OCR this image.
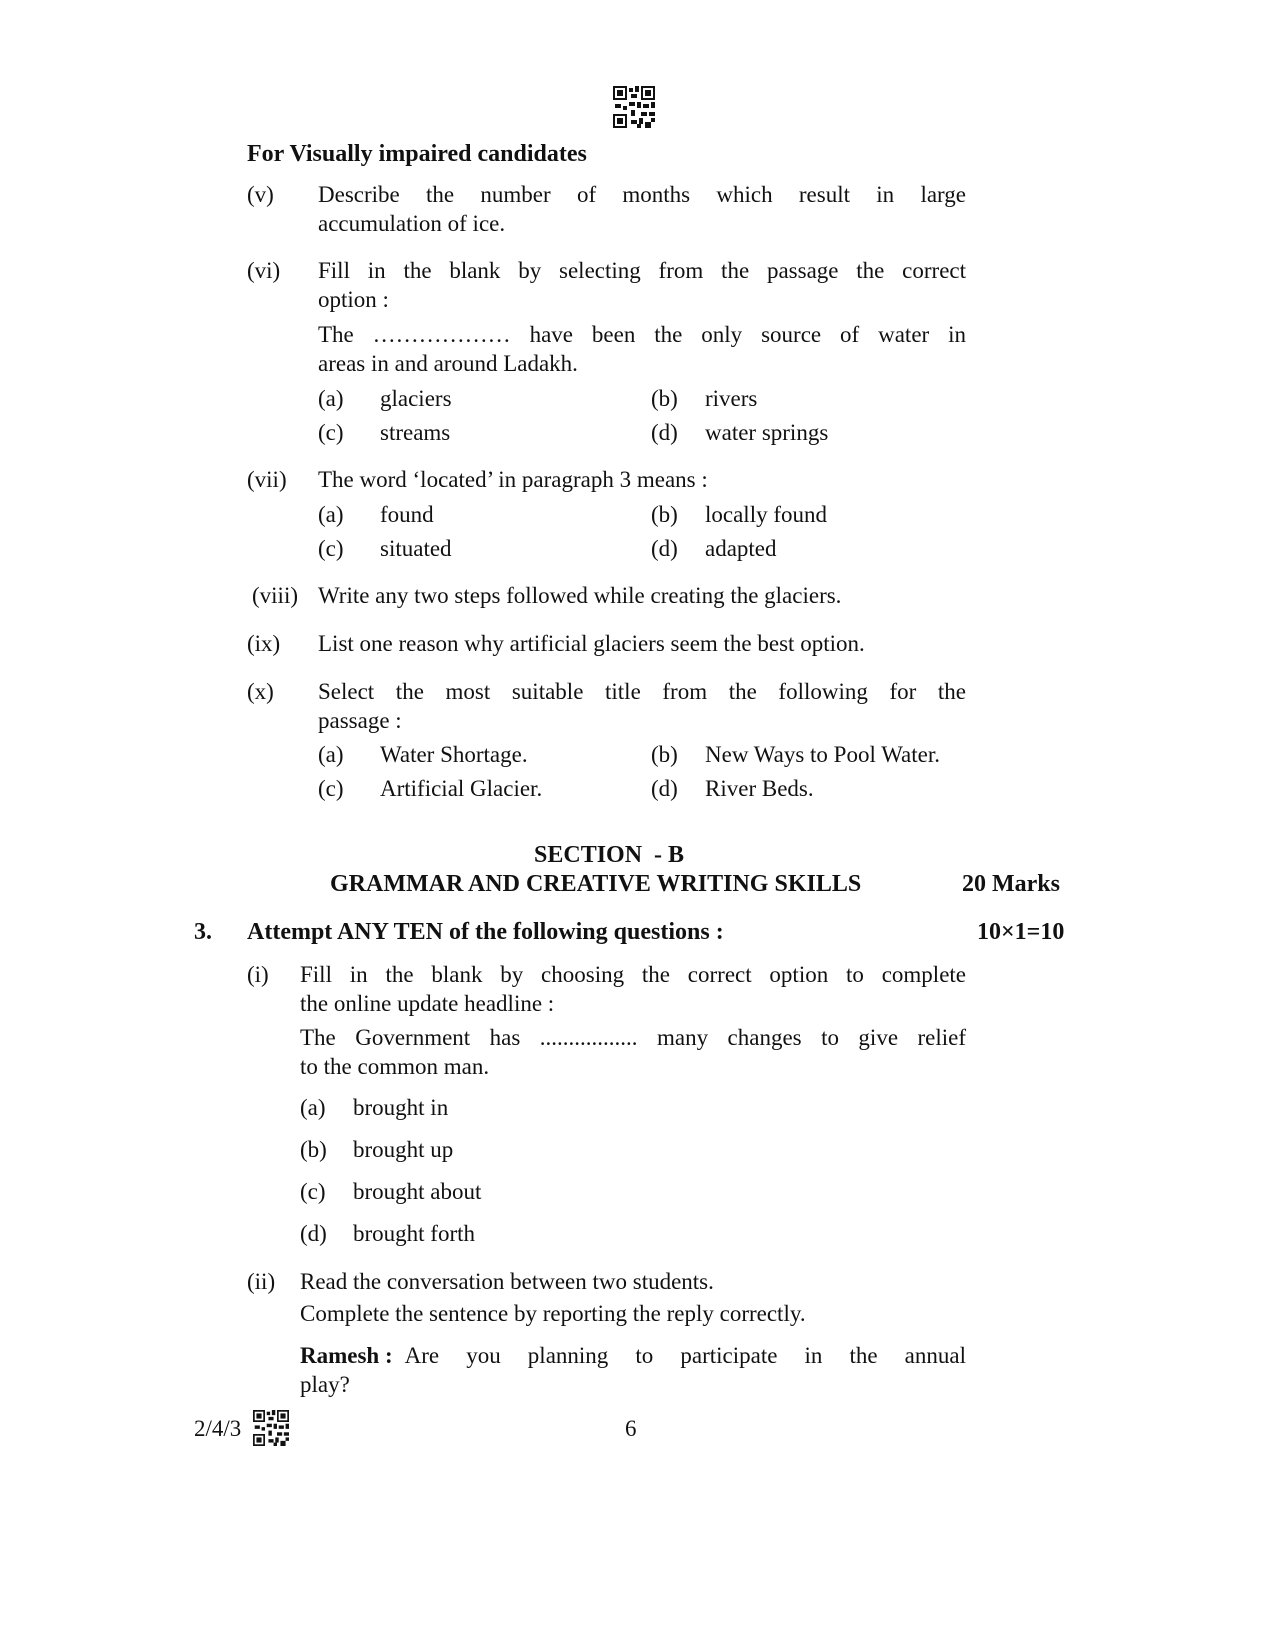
For Visually impaired candidates
(v) Describe the number of months which result in large
accumulation of ice.
(vi) Fill in the blank by selecting from the passage the correct
option :
The ……………… have been the only source of water in
areas in and around Ladakh.
(a) glaciers	(b) rivers
(c) streams	(d) water springs
(vii) The word ‘located’ in paragraph 3 means :
(a) found	(b) locally found
(c) situated	(d) adapted
(viii) Write any two steps followed while creating the glaciers.
(ix) List one reason why artificial glaciers seem the best option.
(x) Select the most suitable title from the following for the
passage :
(a) Water Shortage.	(b) New Ways to Pool Water.
(c) Artificial Glacier.	(d) River Beds.
SECTION  - B
GRAMMAR AND CREATIVE WRITING SKILLS	20 Marks
3. Attempt ANY TEN of the following questions :	10×1=10
(i) Fill in the blank by choosing the correct option to complete
the online update headline :
The Government has ................. many changes to give relief
to the common man.
(a) brought in
(b) brought up
(c) brought about
(d) brought forth
(ii) Read the conversation between two students.
Complete the sentence by reporting the reply correctly.
Ramesh : Are you planning to participate in the annual
play?
2/4/3	6
